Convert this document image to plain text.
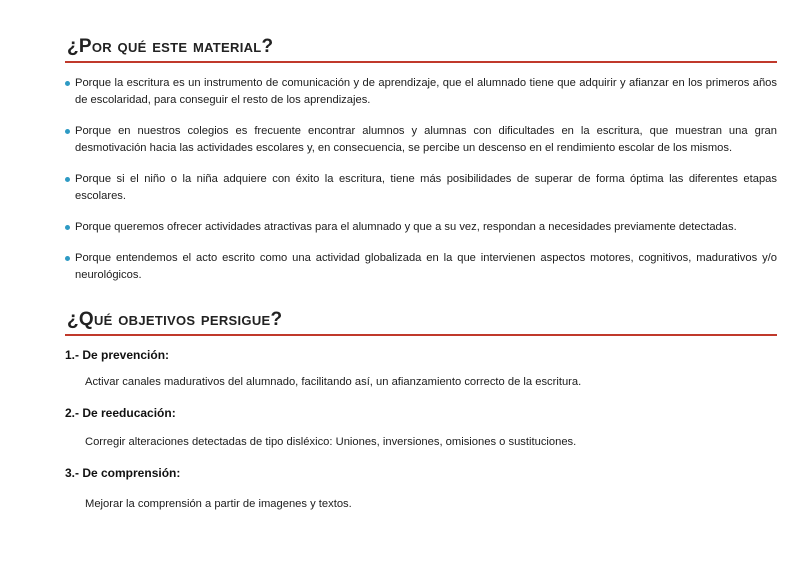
¿Por qué este material?
Porque la escritura es un instrumento de comunicación y de aprendizaje, que el alumnado tiene que adquirir y afianzar en los primeros años de escolaridad, para conseguir el resto de los aprendizajes.
Porque en nuestros colegios es frecuente encontrar alumnos y alumnas con dificultades en la escritura, que muestran una gran desmotivación hacia las actividades escolares y, en consecuencia, se percibe un descenso en el rendimiento escolar de los mismos.
Porque si el niño o la niña adquiere con éxito la escritura, tiene más posibilidades de superar de forma óptima las diferentes etapas escolares.
Porque queremos ofrecer actividades atractivas para el alumnado y que a su vez, respondan a necesidades previamente detectadas.
Porque entendemos el acto escrito como una actividad globalizada en la que intervienen aspectos motores, cognitivos, madurativos y/o neurológicos.
¿Qué objetivos persigue?

1.- De prevención:

Activar canales madurativos del alumnado, facilitando así, un afianzamiento correcto de la escritura.

2.- De reeducación:

Corregir alteraciones detectadas de tipo disléxico: Uniones, inversiones, omisiones o sustituciones.

3.- De comprensión:

Mejorar la comprensión a partir de imagenes y textos.
